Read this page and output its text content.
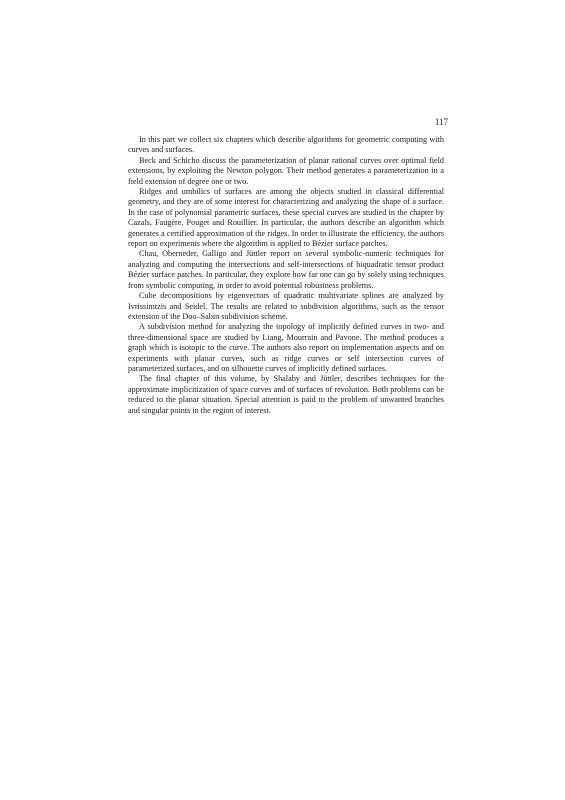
117

In this part we collect six chapters which describe algorithms for geometric computing with curves and surfaces.

Beck and Schicho discuss the parameterization of planar rational curves over optimal field extensions, by exploiting the Newton polygon. Their method generates a parameterization in a field extension of degree one or two.

Ridges and umbilics of surfaces are among the objects studied in classical differential geometry, and they are of some interest for characterizing and analyzing the shape of a surface. In the case of polynomial parametric surfaces, these special curves are studied in the chapter by Cazals, Faugère, Pouget and Rouillier. In particular, the authors describe an algorithm which generates a certified approximation of the ridges. In order to illustrate the efficiency, the authors report on experiments where the algorithm is applied to Bézier surface patches.

Chau, Oberneder, Galligo and Jüttler report on several symbolic-numeric techniques for analyzing and computing the intersections and self-intersections of biquadratic tensor product Bézier surface patches. In particular, they explore how far one can go by solely using techniques from symbolic computing, in order to avoid potential robustness problems.

Cube decompositions by eigenvectors of quadratic multivariate splines are analyzed by Ivrissimtzis and Seidel. The results are related to subdivision algorithms, such as the tensor extension of the Doo–Sabin subdivision scheme.

A subdivision method for analyzing the topology of implicitly defined curves in two- and three-dimensional space are studied by Liang, Mourrain and Pavone. The method produces a graph which is isotopic to the curve. The authors also report on implementation aspects and on experiments with planar curves, such as ridge curves or self intersection curves of parameterized surfaces, and on silhouette curves of implicitly defined surfaces.

The final chapter of this volume, by Shalaby and Jüttler, describes techniques for the approximate implicitization of space curves and of surfaces of revolution. Both problems can be reduced to the planar situation. Special attention is paid to the problem of unwanted branches and singular points in the region of interest.
